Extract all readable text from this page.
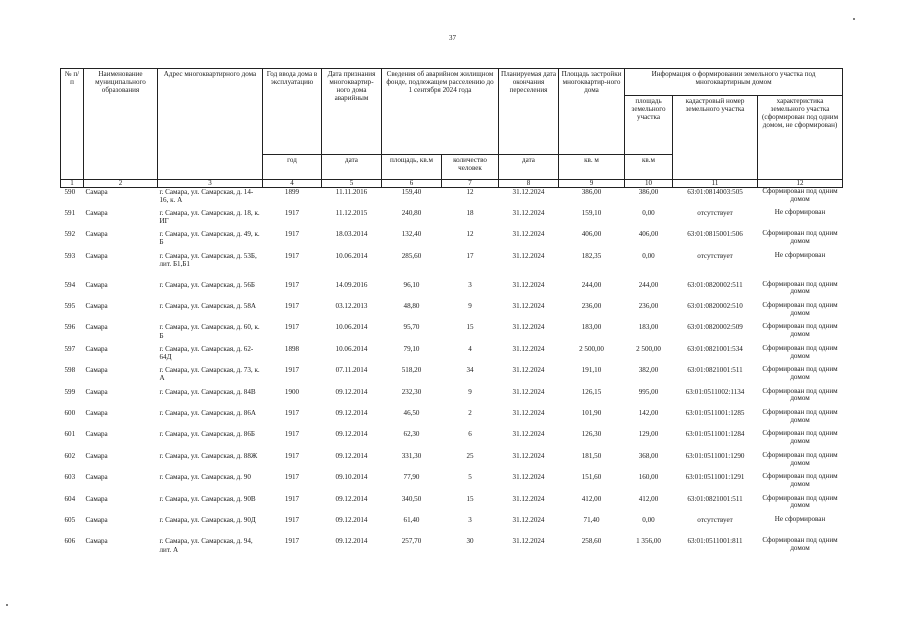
37
№ п/п	Наименование муниципального образования	Адрес многоквартирного дома	Год ввода дома в эксплуатацию	Дата признания многоквартир-ного дома аварийным	Сведения об аварийном жилищном фонде, подлежащем расселению до 1 сентября 2024 года		Планируемая дата окончания переселения	Площадь застройки многоквартир-ного дома	Информация о формировании земельного участка под многоквартирным домом		
									площадь земельного участка	кадастровый номер земельного участка	характеристика земельного участка (сформирован под одним домом, не сформирован)
			год	дата	площадь, кв.м	количество человек	дата	кв. м	кв.м		
1	2	3	4	5	6	7	8	9	10	11	12
590	Самара	г. Самара, ул. Самарская, д. 14-16, к. А	1899	11.11.2016	159,40	12	31.12.2024	386,00	386,00	63:01:0814003:505	Сформирован под одним домом
591	Самара	г. Самара, ул. Самарская, д. 18, к. ИГ	1917	11.12.2015	240,80	18	31.12.2024	159,10	0,00	отсутствует	Не сформирован
592	Самара	г. Самара, ул. Самарская, д. 49, к. Б	1917	18.03.2014	132,40	12	31.12.2024	406,00	406,00	63:01:0815001:506	Сформирован под одним домом
593	Самара	г. Самара, ул. Самарская, д. 53Б, лит. Б1,Б1	1917	10.06.2014	285,60	17	31.12.2024	182,35	0,00	отсутствует	Не сформирован
594	Самара	г. Самара, ул. Самарская, д. 56Б	1917	14.09.2016	96,10	3	31.12.2024	244,00	244,00	63:01:0820002:511	Сформирован под одним домом
595	Самара	г. Самара, ул. Самарская, д. 58А	1917	03.12.2013	48,80	9	31.12.2024	236,00	236,00	63:01:0820002:510	Сформирован под одним домом
596	Самара	г. Самара, ул. Самарская, д. 60, к. Б	1917	10.06.2014	95,70	15	31.12.2024	183,00	183,00	63:01:0820002:509	Сформирован под одним домом
597	Самара	г. Самара, ул. Самарская, д. 62-64Д	1898	10.06.2014	79,10	4	31.12.2024	2 500,00	2 500,00	63:01:0821001:534	Сформирован под одним домом
598	Самара	г. Самара, ул. Самарская, д. 73, к. А	1917	07.11.2014	518,20	34	31.12.2024	191,10	382,00	63:01:0821001:511	Сформирован под одним домом
599	Самара	г. Самара, ул. Самарская, д. 84В	1900	09.12.2014	232,30	9	31.12.2024	126,15	995,00	63:01:0511002:1134	Сформирован под одним домом
600	Самара	г. Самара, ул. Самарская, д. 86А	1917	09.12.2014	46,50	2	31.12.2024	101,90	142,00	63:01:0511001:1285	Сформирован под одним домом
601	Самара	г. Самара, ул. Самарская, д. 86Б	1917	09.12.2014	62,30	6	31.12.2024	126,30	129,00	63:01:0511001:1284	Сформирован под одним домом
602	Самара	г. Самара, ул. Самарская, д. 88Ж	1917	09.12.2014	331,30	25	31.12.2024	181,50	368,00	63:01:0511001:1290	Сформирован под одним домом
603	Самара	г. Самара, ул. Самарская, д. 90	1917	09.10.2014	77,90	5	31.12.2024	151,60	160,00	63:01:0511001:1291	Сформирован под одним домом
604	Самара	г. Самара, ул. Самарская, д. 90В	1917	09.12.2014	340,50	15	31.12.2024	412,00	412,00	63:01:0821001:511	Сформирован под одним домом
605	Самара	г. Самара, ул. Самарская, д. 90Д	1917	09.12.2014	61,40	3	31.12.2024	71,40	0,00	отсутствует	Не сформирован
606	Самара	г. Самара, ул. Самарская, д. 94, лит. А	1917	09.12.2014	257,70	30	31.12.2024	258,60	1 356,00	63:01:0511001:811	Сформирован под одним домом
